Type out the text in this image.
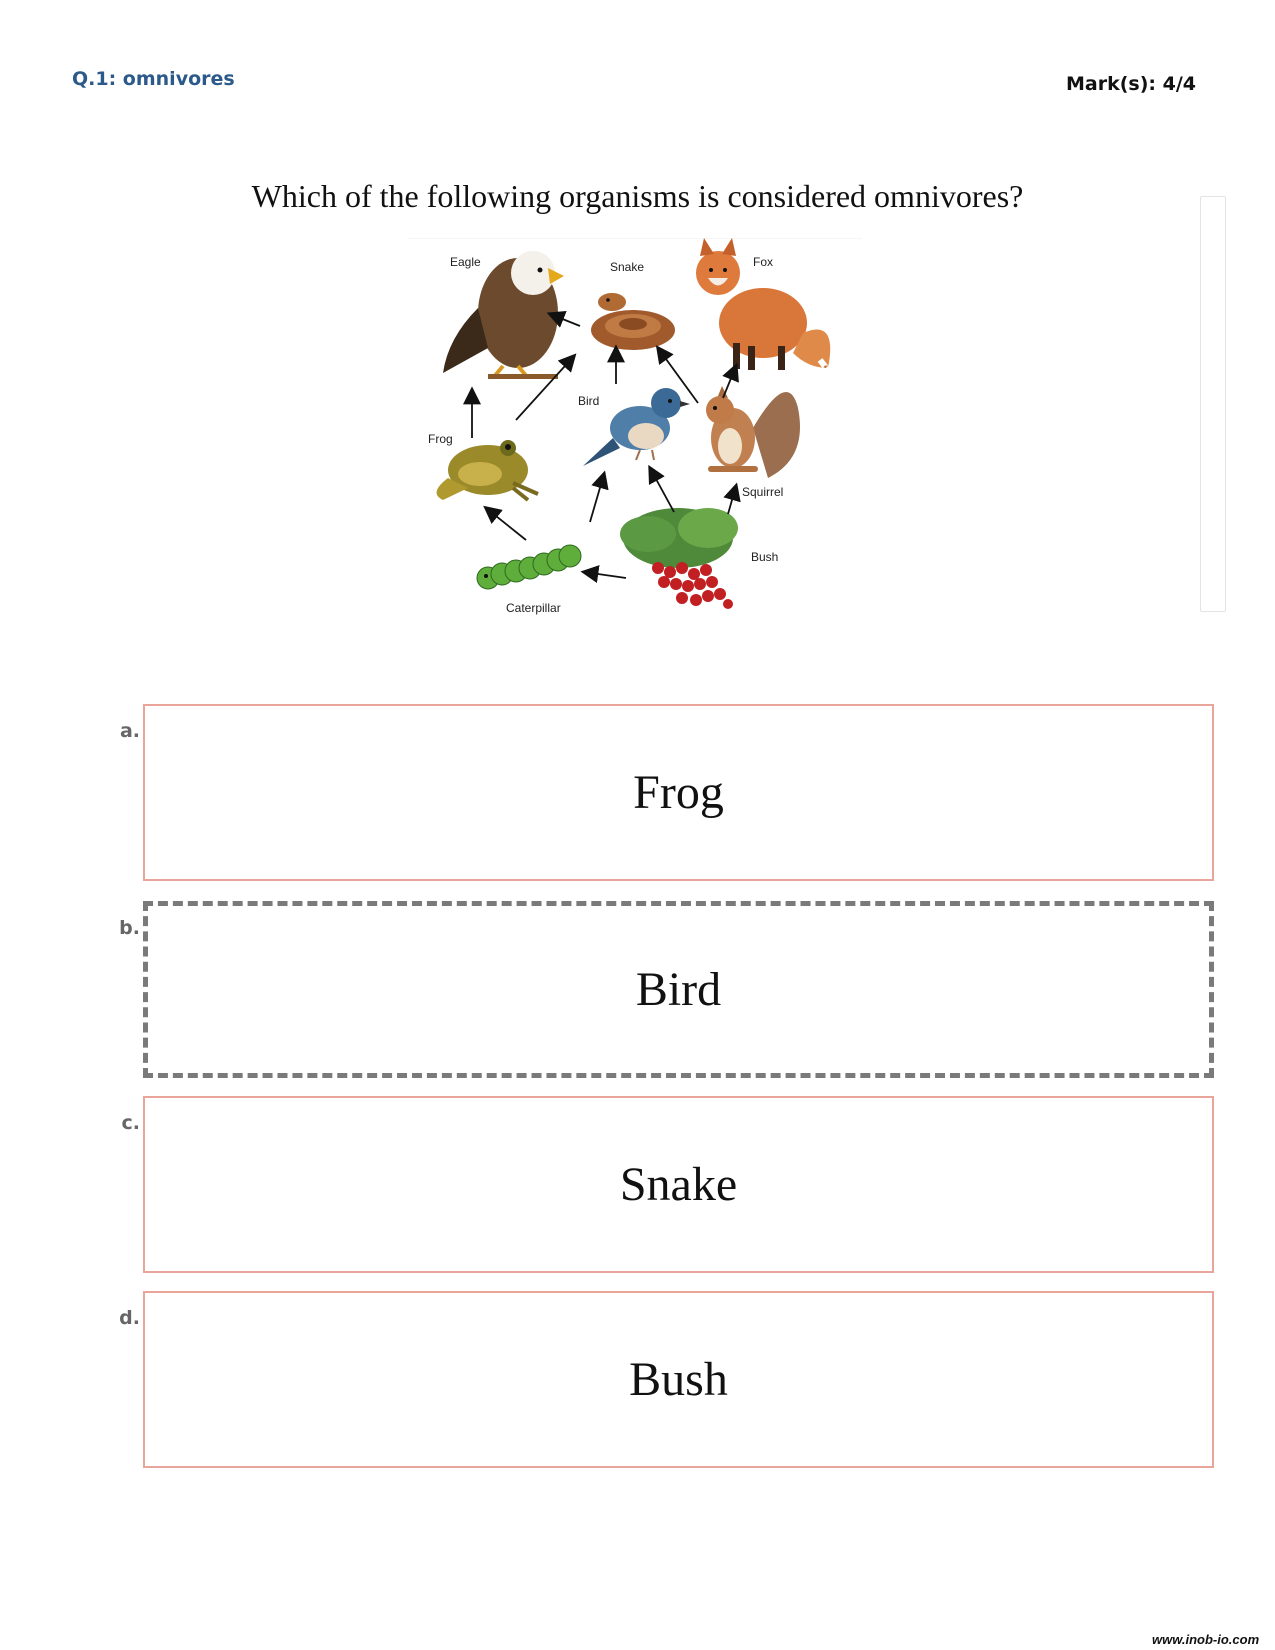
Q.1: omnivores	Mark(s): 4/4
Which of the following organisms is considered omnivores?
Eagle	Snake	Fox
Bird
Frog
Squirrel
Bush
Caterpillar
a.
Frog
b.
Bird
c.
Snake
d.
Bush
www.inob-io.com
